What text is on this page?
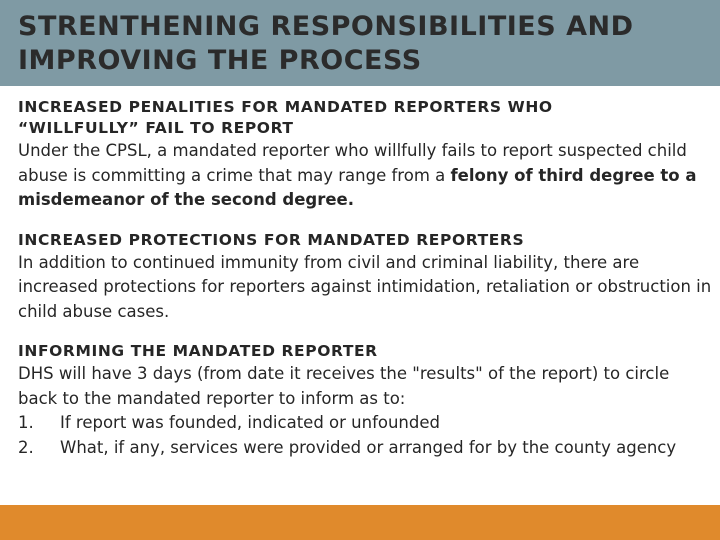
STRENTHENING RESPONSIBILITIES AND
IMPROVING THE PROCESS
INCREASED PENALITIES FOR MANDATED REPORTERS WHO
“WILLFULLY” FAIL TO REPORT
Under the CPSL, a mandated reporter who willfully fails to report suspected child abuse is committing a crime that may range from a felony of third degree to a misdemeanor of the second degree.
INCREASED PROTECTIONS FOR MANDATED REPORTERS
In addition to continued immunity from civil and criminal liability, there are increased protections for reporters against intimidation, retaliation or obstruction in child abuse cases.
INFORMING THE MANDATED REPORTER
DHS will have 3 days (from date it receives the "results" of the report) to circle back to the mandated reporter to inform as to:
1.	If report was founded, indicated or unfounded
2.	What, if any, services were provided or arranged for by the county agency
